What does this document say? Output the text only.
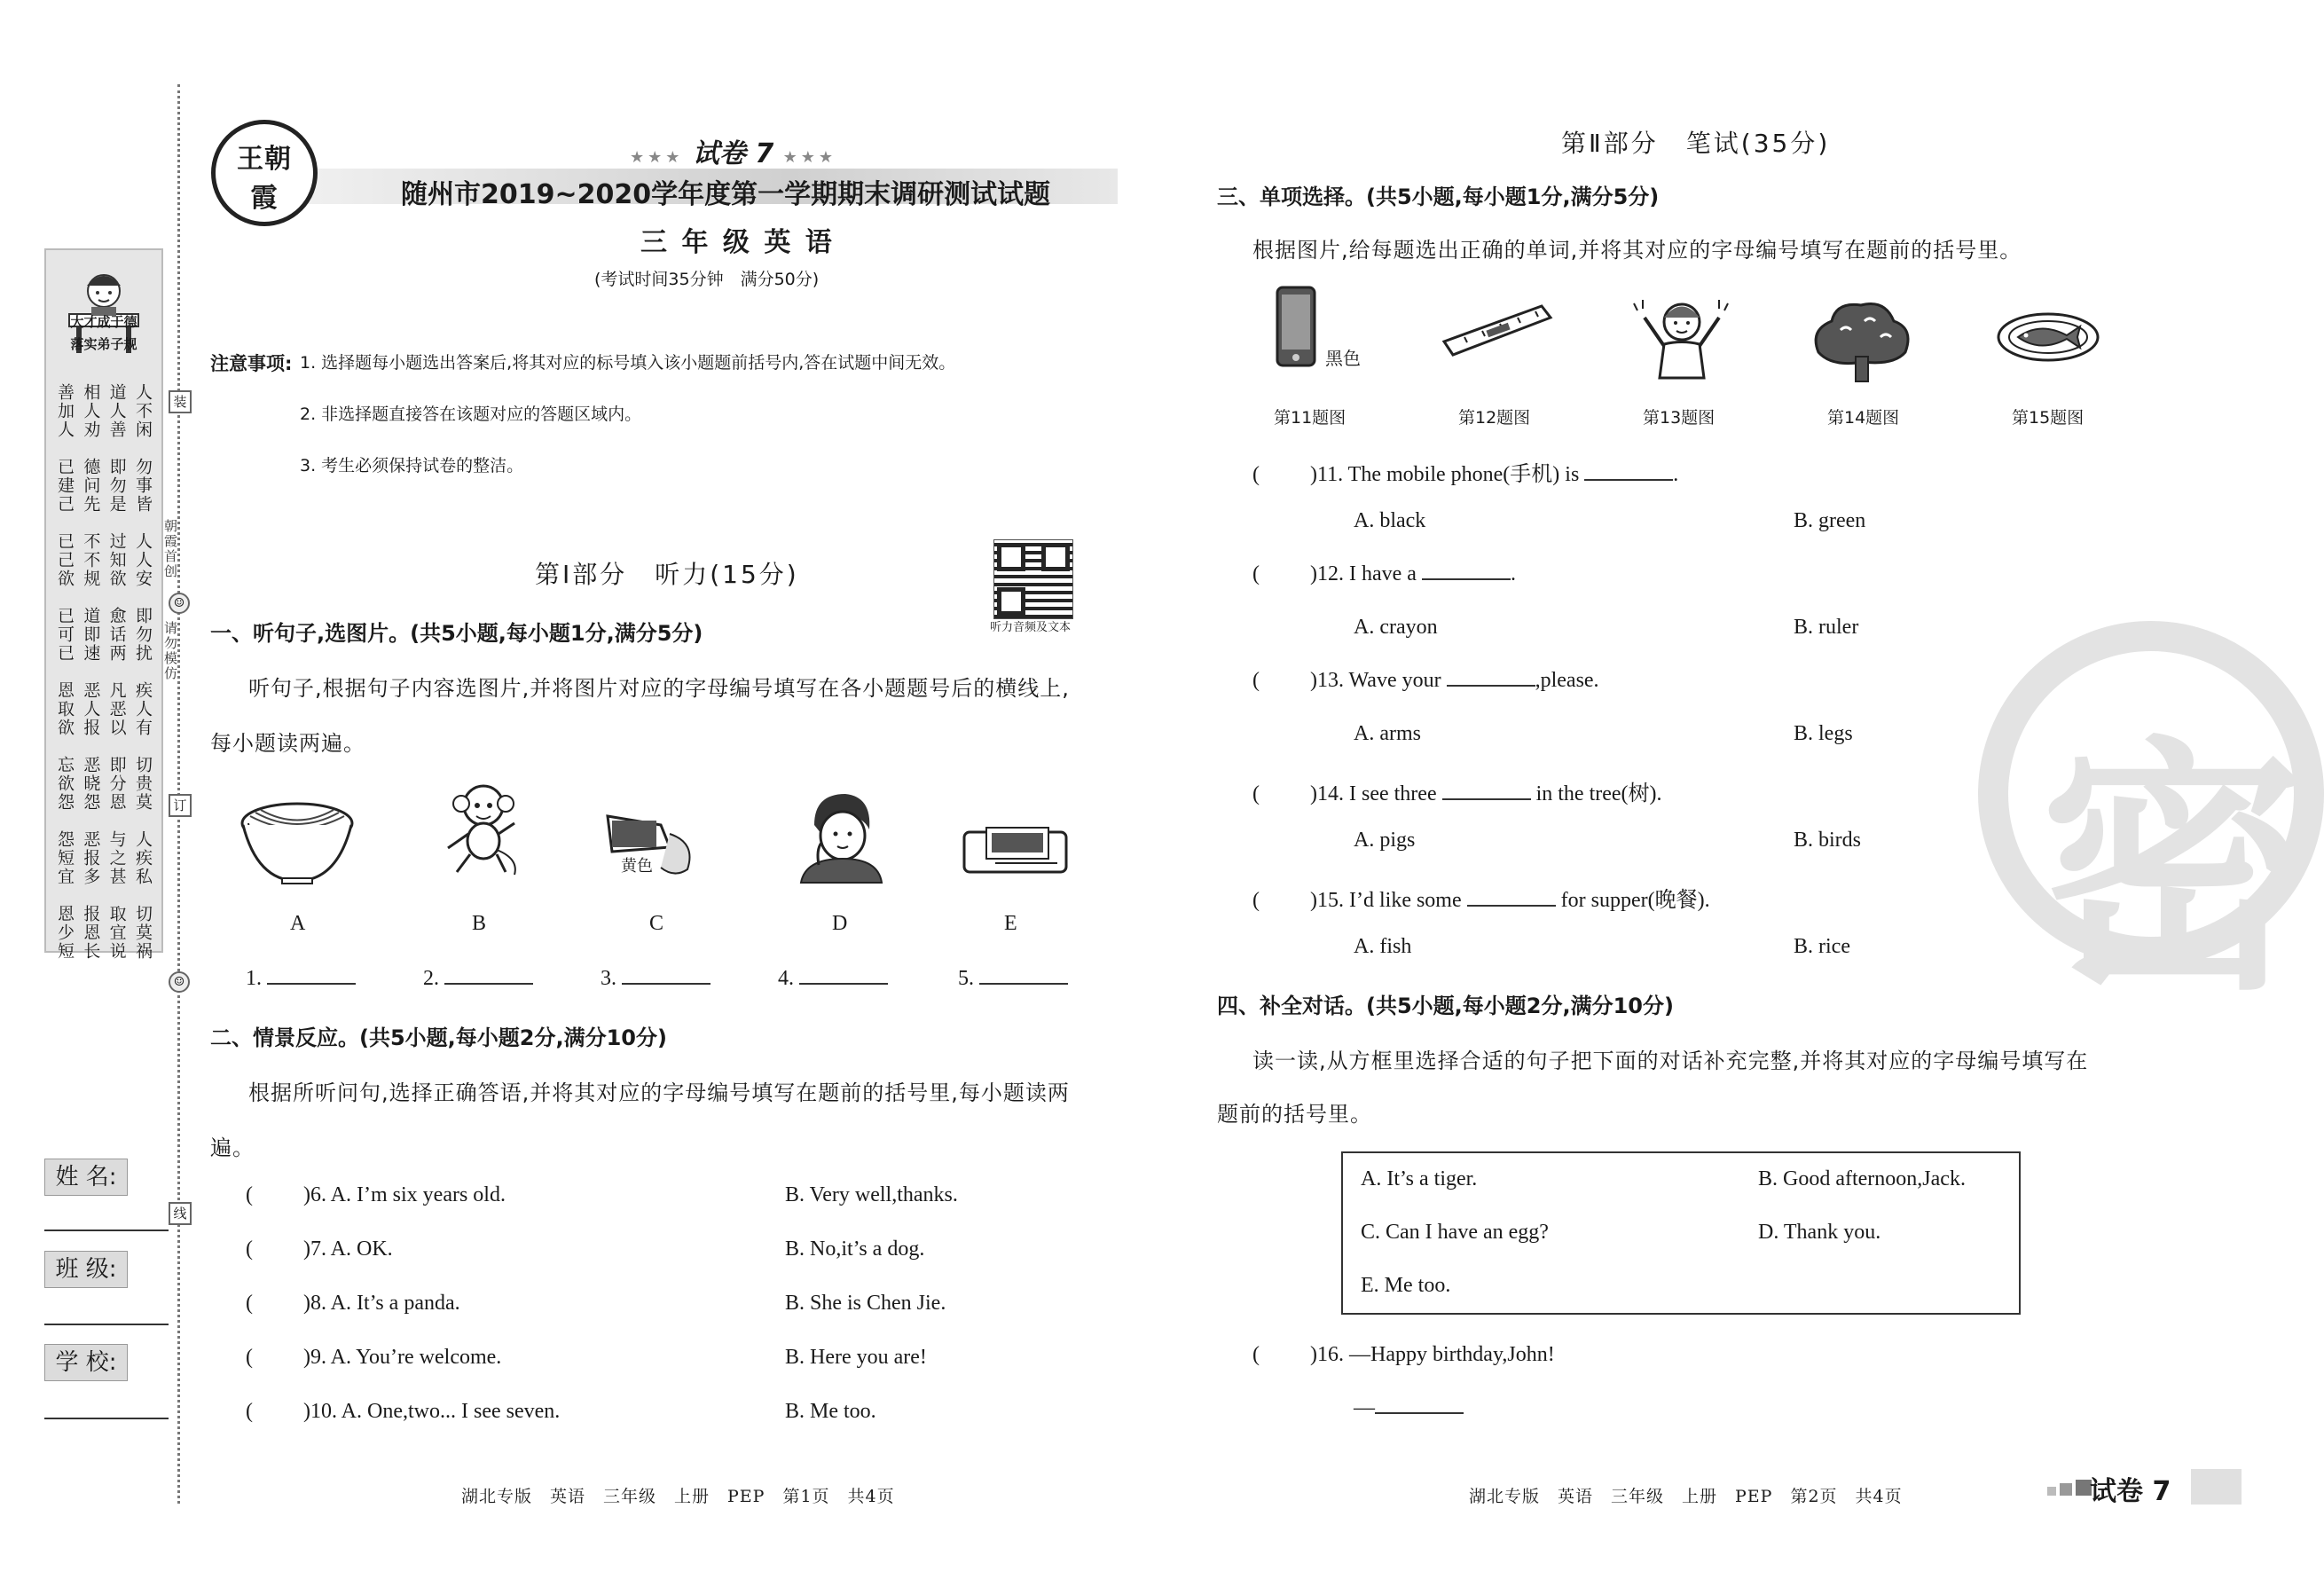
大才成于德
落实弟子规
人不闲
道人善
相人劝
善加人
勿事皆
即勿是
德问先
已建己
人人安
过知欲
不不规
已己欲
即勿扰
愈话两
道即速
已可已
疾人有
凡恶以
恶人报
恩取欲
切贵莫
即分恩
恶晓怨
忘欲怨
人疾私
与之甚
恶报多
怨短宜
切莫祸
取宜说
报恩长
恩少短
装
订
线
朝霞首创
☺
请勿模仿
☺
姓 名:
班 级:
学 校:
王朝霞
★★★ 试卷 7 ★★★
随州市2019~2020学年度第一学期期末调研测试试题
三 年 级 英 语
(考试时间35分钟　满分50分)
注意事项: 1. 选择题每小题选出答案后,将其对应的标号填入该小题题前括号内,答在试题中间无效。
2. 非选择题直接答在该题对应的答题区域内。
3. 考生必须保持试卷的整洁。
第Ⅰ部分　听力(15分)
听力音频及文本
一、听句子,选图片。(共5小题,每小题1分,满分5分)
听句子,根据句子内容选图片,并将图片对应的字母编号填写在各小题题号后的横线上,
每小题读两遍。
黄色
A	B	C	D	E
1.	2.	3.	4.	5.
二、情景反应。(共5小题,每小题2分,满分10分)
根据所听问句,选择正确答语,并将其对应的字母编号填写在题前的括号里,每小题读两
遍。
( )6. A. I’m six years old.	B. Very well,thanks.
( )7. A. OK.	B. No,it’s a dog.
( )8. A. It’s a panda.	B. She is Chen Jie.
( )9. A. You’re welcome.	B. Here you are!
( )10. A. One,two... I see seven.	B. Me too.
湖北专版　英语　三年级　上册　PEP　第1页　共4页
密
第Ⅱ部分　笔试(35分)
三、单项选择。(共5小题,每小题1分,满分5分)
根据图片,给每题选出正确的单词,并将其对应的字母编号填写在题前的括号里。
黑色
第11题图	第12题图	第13题图	第14题图	第15题图
( )11. The mobile phone(手机) is	.
A. black	B. green
( )12. I have a	.
A. crayon	B. ruler
( )13. Wave your	,please.
A. arms	B. legs
( )14. I see three	in the tree(树).
A. pigs	B. birds
( )15. I’d like some	for supper(晚餐).
A. fish	B. rice
四、补全对话。(共5小题,每小题2分,满分10分)
读一读,从方框里选择合适的句子把下面的对话补充完整,并将其对应的字母编号填写在
题前的括号里。
A. It’s a tiger.	B. Good afternoon,Jack.
C. Can I have an egg?	D. Thank you.
E. Me too.
( )16. —Happy birthday,John!
—
湖北专版　英语　三年级　上册　PEP　第2页　共4页	试卷 7
